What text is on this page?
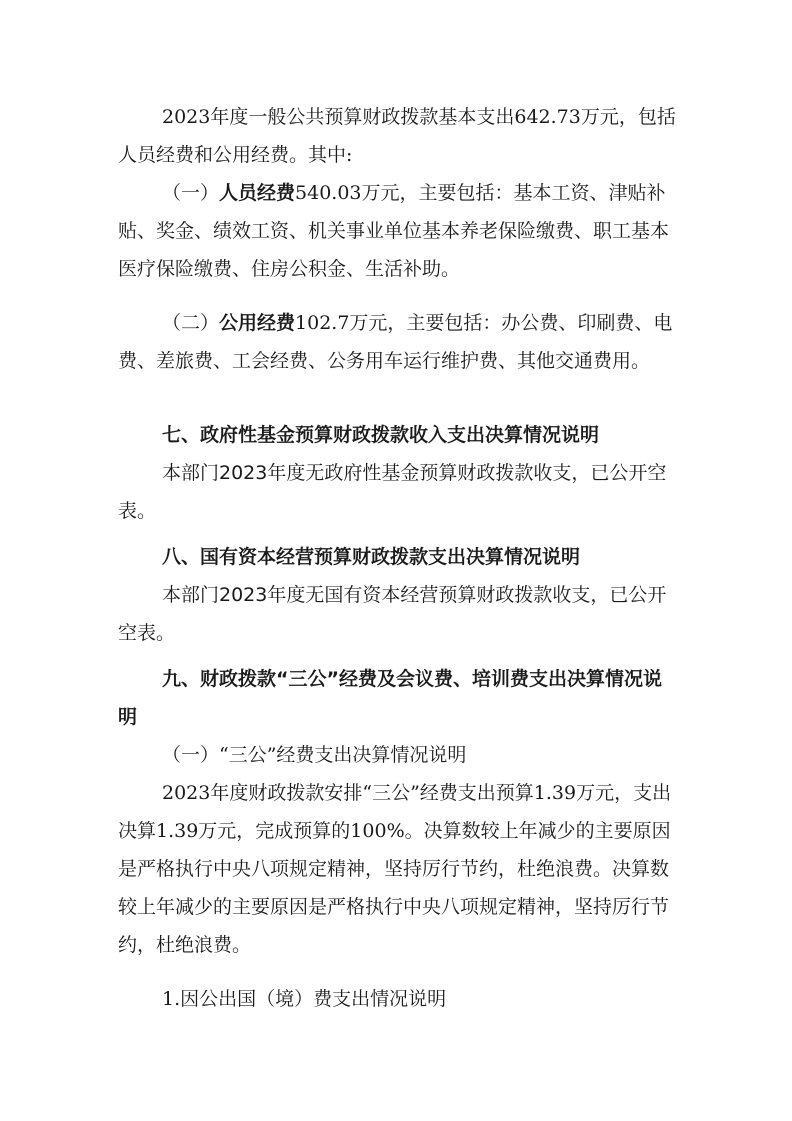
2023年度一般公共预算财政拨款基本支出642.73万元，包括人员经费和公用经费。其中:

（一）人员经费540.03万元，主要包括：基本工资、津贴补贴、奖金、绩效工资、机关事业单位基本养老保险缴费、职工基本医疗保险缴费、住房公积金、生活补助。

（二）公用经费102.7万元，主要包括：办公费、印刷费、电费、差旅费、工会经费、公务用车运行维护费、其他交通费用。

七、政府性基金预算财政拨款收入支出决算情况说明

本部门2023年度无政府性基金预算财政拨款收支，已公开空表。

八、国有资本经营预算财政拨款支出决算情况说明

本部门2023年度无国有资本经营预算财政拨款收支，已公开空表。

九、财政拨款“三公”经费及会议费、培训费支出决算情况说明

（一）“三公”经费支出决算情况说明

2023年度财政拨款安排“三公”经费支出预算1.39万元，支出决算1.39万元，完成预算的100%。决算数较上年减少的主要原因是严格执行中央八项规定精神，坚持厉行节约，杜绝浪费。决算数较上年减少的主要原因是严格执行中央八项规定精神，坚持厉行节约，杜绝浪费。

1.因公出国（境）费支出情况说明
